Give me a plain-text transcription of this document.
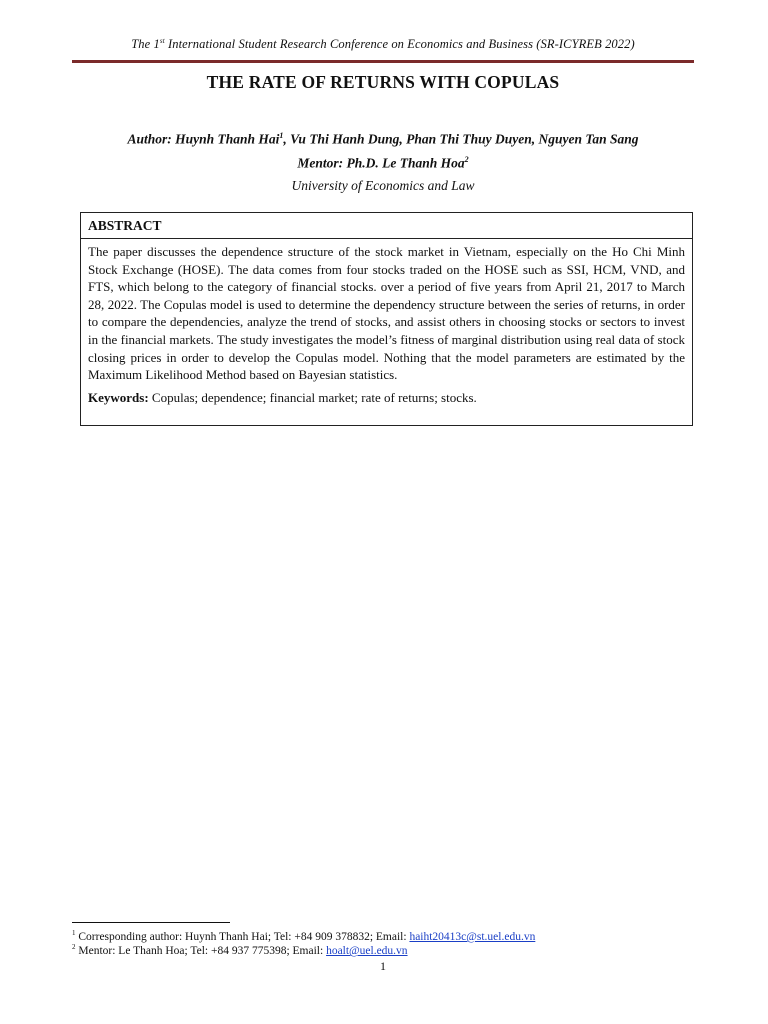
The 1st International Student Research Conference on Economics and Business (SR-ICYREB 2022)
THE RATE OF RETURNS WITH COPULAS
Author: Huynh Thanh Hai$^1$, Vu Thi Hanh Dung, Phan Thi Thuy Duyen, Nguyen Tan Sang
Mentor: Ph.D. Le Thanh Hoa$^2$
University of Economics and Law
ABSTRACT

The paper discusses the dependence structure of the stock market in Vietnam, especially on the Ho Chi Minh Stock Exchange (HOSE). The data comes from four stocks traded on the HOSE such as SSI, HCM, VND, and FTS, which belong to the category of financial stocks. over a period of five years from April 21, 2017 to March 28, 2022. The Copulas model is used to determine the dependency structure between the series of returns, in order to compare the dependencies, analyze the trend of stocks, and assist others in choosing stocks or sectors to invest in the financial markets. The study investigates the model’s fitness of marginal distribution using real data of stock closing prices in order to develop the Copulas model. Nothing that the model parameters are estimated by the Maximum Likelihood Method based on Bayesian statistics.

Keywords: Copulas; dependence; financial market; rate of returns; stocks.

$^1$ Corresponding author: Huynh Thanh Hai; Tel: +84 909 378832; Email: haiht20413c@st.uel.edu.vn
$^2$ Mentor: Le Thanh Hoa; Tel: +84 937 775398; Email: hoalt@uel.edu.vn
1
